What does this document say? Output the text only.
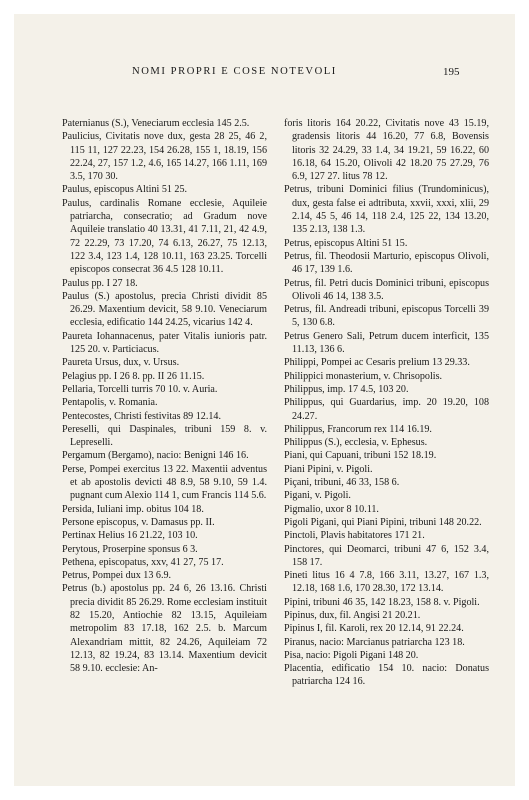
NOMI PROPRI E COSE NOTEVOLI	195

Paternianus (S.), Veneciarum ecclesia 145 2.5.

Paulicius, Civitatis nove dux, gesta 28 25, 46 2, 115 11, 127 22.23, 154 26.28, 155 1, 18.19, 156 22.24, 27, 157 1.2, 4.6, 165 14.27, 166 1.11, 169 3.5, 170 30.

Paulus, episcopus Altini 51 25.

Paulus, cardinalis Romane ecclesie, Aquileie patriarcha, consecratio; ad Gradum nove Aquileie translatio 40 13.31, 41 7.11, 21, 42 4.9, 72 22.29, 73 17.20, 74 6.13, 26.27, 75 12.13, 122 3.4, 123 1.4, 128 10.11, 163 23.25. Torcelli episcopos consecrat 36 4.5 128 10.11.

Paulus pp. I 27 18.

Paulus (S.) apostolus, precia Christi dividit 85 26.29. Maxentium devicit, 58 9.10. Veneciarum ecclesia, edificatio 144 24.25, vicarius 142 4.

Paureta Iohannacenus, pater Vitalis iunioris patr. 125 20. v. Particiacus.

Paureta Ursus, dux, v. Ursus.

Pelagius pp. I 26 8. pp. II 26 11.15.

Pellaria, Torcelli turris 70 10. v. Auria.

Pentapolis, v. Romania.

Pentecostes, Christi festivitas 89 12.14.

Pereselli, qui Daspinales, tribuni 159 8. v. Lepreselli.

Pergamum (Bergamo), nacio: Benigni 146 16.

Perse, Pompei exercitus 13 22. Maxentii adventus et ab apostolis devicti 48 8.9, 58 9.10, 59 1.4. pugnant cum Alexio 114 1, cum Francis 114 5.6.

Persida, Iuliani imp. obitus 104 18.

Persone episcopus, v. Damasus pp. II.

Pertinax Helius 16 21.22, 103 10.

Perytous, Proserpine sponsus 6 3.

Pethena, episcopatus, xxv, 41 27, 75 17.

Petrus, Pompei dux 13 6.9.

Petrus (b.) apostolus pp. 24 6, 26 13.16. Christi precia dividit 85 26.29. Rome ecclesiam instituit 82 15.20, Antiochie 82 13.15, Aquileiam metropolim 83 17.18, 162 2.5. b. Marcum Alexandriam mittit, 82 24.26, Aquileiam 72 12.13, 82 19.24, 83 13.14. Maxentium devicit 58 9.10. ecclesie: An-

foris litoris 164 20.22, Civitatis nove 43 15.19, gradensis litoris 44 16.20, 77 6.8, Bovensis litoris 32 24.29, 33 1.4, 34 19.21, 59 16.22, 60 16.18, 64 15.20, Olivoli 42 18.20 75 27.29, 76 6.9, 127 27. litus 78 12.

Petrus, tribuni Dominici filius (Trundominicus), dux, gesta false ei adtributa, xxvii, xxxi, xlii, 29 2.14, 45 5, 46 14, 118 2.4, 125 22, 134 13.20, 135 2.13, 138 1.3.

Petrus, episcopus Altini 51 15.

Petrus, fil. Theodosii Marturio, episcopus Olivoli, 46 17, 139 1.6.

Petrus, fil. Petri ducis Dominici tribuni, episcopus Olivoli 46 14, 138 3.5.

Petrus, fil. Andreadi tribuni, episcopus Torcelli 39 5, 130 6.8.

Petrus Genero Sali, Petrum ducem interficit, 135 11.13, 136 6.

Philippi, Pompei ac Cesaris prelium 13 29.33.

Philippici monasterium, v. Chrisopolis.

Philippus, imp. 17 4.5, 103 20.

Philippus, qui Guardarius, imp. 20 19.20, 108 24.27.

Philippus, Francorum rex 114 16.19.

Philippus (S.), ecclesia, v. Ephesus.

Piani, qui Capuani, tribuni 152 18.19.

Piani Pipini, v. Pigoli.

Piçani, tribuni, 46 33, 158 6.

Pigani, v. Pigoli.

Pigmalio, uxor 8 10.11.

Pigoli Pigani, qui Piani Pipini, tribuni 148 20.22.

Pinctoli, Plavis habitatores 171 21.

Pinctores, qui Deomarci, tribuni 47 6, 152 3.4, 158 17.

Pineti litus 16 4 7.8, 166 3.11, 13.27, 167 1.3, 12.18, 168 1.6, 170 28.30, 172 13.14.

Pipini, tribuni 46 35, 142 18.23, 158 8. v. Pigoli.

Pipinus, dux, fil. Angisi 21 20.21.

Pipinus I, fil. Karoli, rex 20 12.14, 91 22.24.

Piranus, nacio: Marcianus patriarcha 123 18.

Pisa, nacio: Pigoli Pigani 148 20.

Placentia, edificatio 154 10. nacio: Donatus patriarcha 124 16.
